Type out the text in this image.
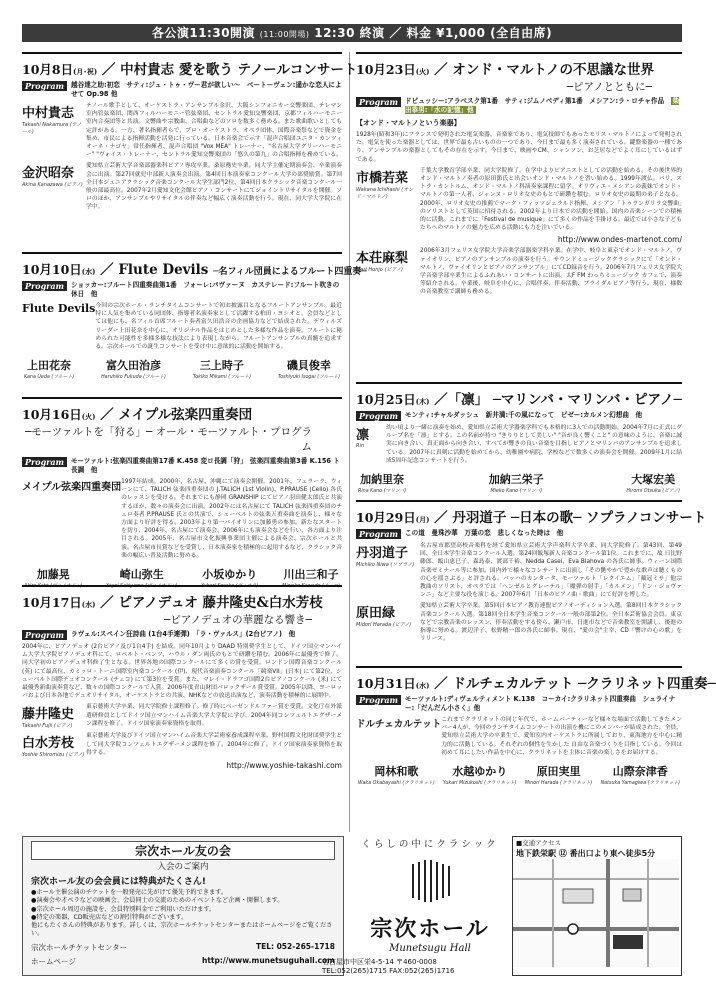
各公演11:30開演 (11:00開場) 12:30 終演 ／ 料金 ¥1,000 (全自由席)
10月8日(月･祝) ／ 中村貴志 愛を歌う テノールコンサート
Program	越谷達之助:初恋　サティ:ジュ・トゥ・ヴー君が欲しい〜　ベートーヴェン:遥かな恋人によせて Op.98 他
中村貴志
Takashi Nakamura (テノール)
テノール歌手として、オーケストラ・アンサンブル金沢、大阪シンフォニカー交響楽団、テレマン室内管弦楽団、関西フィルハーモニー管弦楽団、セントラル愛知交響楽団、京都フィルハーモニー室内合奏団等と共演。文響曲や宗教曲、合唱曲などのソロを数多く務める。また歌曲歌いとしても定評がある。一方、著名指揮者らで、プロ・オーケストラ、オペラ団体、国際音楽祭などで資金を集め、市民による指揮活動を活発に行っている。日本音楽会で示す「混声合唱団ユニタ・カンツィオーネ・ナゴヤ」常任指揮者、混声合唱団 "Vox MEA" トレーナー、"名古屋大学グリーハーモニー" "ヴォイス・トレーナー、セントラル愛知交響楽団の「悠久の第九」の合唱指揮を務めている。
金沢昭奈
Akina Kanazawa (ピアノ)
愛知県立芸術大学音楽部器楽科ピアノ専攻卒業。桑原務史卒業。同大学主催定期演奏会、卒業演奏会に出演。第27回就児中部新人演奏会出演。第4回日本演奏家コンクール大学の部奨励賞。第7回全日本ジュニアクラシック音楽コンクール大学生部門2位、第4回日本クラシック音楽コンクール一般の部最高位。2007年2月愛知文化会館ピアノ・コンサートにてジョイントリサイタルを開催。ソロのほか、アンサンブルやリサイタルの伴奏など幅広く演奏活動を行う。現在、同大学大学院に在学中。
10月10日(水) ／ Flute Devils ─名フィル団員によるフルート四重奏─
Program	ショッカー:フルート四重奏曲第1番　フォーレ:パヴァーヌ　カステレード:フルート吹きの休日　他
Flute Devils 今回の宗次ホール・ランチタイムコンサートで初お披露目となるフルートアンサンブル。最近特に人気を集めている同団体、指導者名演奏家として活躍する柏田・ヨシオと、会員などとしては他にも、名フィル首席フルート奏者富久田浩音の企画協力などで結成された。デヴィルズリーダー上田花奈を中心に、オリジナル作品をはじめとした多様な作品を演奏。フルートに秘められた可能性を多様多様な技法により表現しながら、フルートアンサンブルの真髄を追求する。宗次ホールでの誕生コンサートを受け中に意欲的に活動を開始する。
上田花奈
Kana Ueda (フルート)
富久田治彦
Haruhiko Fukuda (フルート)
三上時子
Tokiko Mikami (フルート)
磯貝俊幸
Toshiyuki Isogai (フルート)
10月16日(火) ／ メイプル弦楽四重奏団
─モーツァルトを「狩る」─ オール・モーツァルト・プログラム
Program	モーツァルト:弦楽四重奏曲第17番 K.458 変ロ長調「狩」　弦楽四重奏曲第3番 K.156 ト長調　他
メイプル弦楽四重奏団 1997年結成。2000年、名古屋、沖縄にて演奏会開催。2001年、フェラーラ、ウィーンにて、TALICH 弦楽四重奏団の J.TALICH (1st Violin)、P.PRAUSE (Cello) 各氏のレッスンを受ける。それまでにも静岡 GRANSHIP にてピアノ羽田健太郎氏と共演するほか、数々の演奏会に出演。2002年には名古屋にて TALICH 弦楽四重奏団のチェロ奏者 P.PRAUSE 氏との共演で、シューベルトの弦楽五重奏曲を演奏し、様々な方面より好評を得る。2003年より第一バイオリンに加藤勇の参加。新たなスタートを切り、2004年、名古屋にて演奏会、2006年にも演奏会などを行い、各方面より注目される。2005年、名古屋市文化振興事業団主催による演奏会、宗次ホールと共演。名古屋市長賞などを受賞し、日本演奏家を積極的に起用するなど、クラシック音楽の幅広い普及活動に努める。
加藤晃
Akira Kato (ヴァイオリン)
崎山弥生
Yayoi Sakiyama (ヴァイオリン)
小坂ゆかり
Yukari Kosaka (ヴィオラ)
川出三和子
Miwako Kawade (チェロ)
10月17日(水) ／ ピアノデュオ 藤井隆史&白水芳枝
─ピアノデュオの華麗なる響き─
Program	ラヴェル:スペイン狂詩曲 (1台4手連弾)　「ラ・ヴァルス」(2台ピアノ)　他
2004年に、ピアノデュオ (2台ピアノ及び1台4手) を結成。同年10月より DAAD 特別奨学生として、ドイツ国立マンハイム大学大学院ピアノデュオ科にて、ロベルト・ベンツ、ハウル・ダン両氏のもとで研鑽を積む。2006年に最優秀で修了。同大学初のピアノデュオ科修了生となる。世界各地の国際コンクールにて多くの賞を受賞。ロンドン国際音楽コンクール (英) にて最高位、カミッロ・トーニ国際室内楽コンクール (伊)、現代音楽演奏コンクール「競楽VII」(日本) にて第2位、シューベルト国際デュオコンクール (チェコ) にて第3位を受賞。また、マレイ・ドラフゴ国際2台ピアノコンクール (米) にて最優秀新曲演奏賞など、数々の国際コンクールで入賞。2006年度青山財団バロックザール賞受賞。2005年以降、ヨーロッパおよび日本各地でデュオリサイタル、オーケストラとの共演、NHKなどの放送出演など、演奏活動を積極的に展開中。
藤井隆史
Takashi Fujii (ピアノ)
東京藝術大学卒業、同大学院修士課程修了。修了時にベーゼンドルファー賞を受賞。文化庁在外派遣研修員としてドイツ国立マンハイム音楽大学大学院に学び、2004年同コンツェルトエグザーメン課程を修了。ドイツ国家演奏家資格を取得。
白水芳枝
Yoshie Shiromizu (ピアノ)
東京藝術大学及びドイツ国立マンハイム音楽大学芸術家養成課程卒業。野村国際文化財団奨学生として同大学院コンツェルトエグザーメン課程を修了。2004年に修了。ドイツ国家演奏家資格を取得する。
http://www.yoshie-takashi.com
10月23日(火) ／ オンド・マルトノの不思議な世界
─ピアノとともに─
Program	ドビュッシー:アラベスク第1番　サティ:ジムノペディ第1番　メシアン:ラ・ロチャ作品　柴田恭男:「水の記憶」他
【オンド・マルトノという楽器】
1928年(昭和3年)にフランスで発明された電気楽器。音楽家であり、電気技師でもあったモリス・マルトノによって発明された。電気を使った楽器としては、世界で最も古いものの一つであり、今日まで最も多く演奏されている。鍵盤楽器の一種であり、アンサンブルの楽器としてもその存在を示す。今日まで、映画やCM、シャンソン、お芝居などでよく耳にしているはずである。
市橋若菜
Wakana Ichihashi (オンド・マルトノ)
千葉大学教育学部卒業、同大学院修了。在学中よりピアニストとしての活動を始める。その後世界的オンド・マルトノ奏者の原田節氏と出会いオンド・マルトノを習い始める。1999年渡仏。パリ、ストラ・カントルム、オンド・マルトノ科演奏家課程に留学。オリヴィエ・メシアンの義妹でオンド・マルトノの第一人者、ジャンヌ・ロリオ女史のもとで研鑽を積む。ロリオ女史の最期の弟子となる。2000年、ロリオ女史の推薦でマーク・フィッツジェラルド指揮、メシアン「トゥランガリラ交響曲」のソリストとして英国に招待される。2002年より日本での活動を開始。国内の音楽シーンでの積極的に活動。これまでに「Festival de musique」にて多くの作品を手掛ける。最近では小さな子どもたちへのマルトノの魅力を広める活動にも力を注いでいる。
http://www.ondes-martenot.com/
本荘麻梨
Mari Honjo (ピアノ)
2006年3月フェリス女学院大学音楽学部器楽学科卒業。在学中、岐阜と東京でオンド・マルトノ、ヴァイオリン、ピアノのアンサンブルの演奏を行う。サウンドミュージッククラシックにて「オンド・マルトノ、ヴァイオリンとピアノのアンサンブル」にてCD録音を行う。2006年7月フェリス女学院大学音楽学部卒業生によるふれあい・コンサートに出演。太F FM わっちミュージック カフェで、演奏等紹介される。卒業後、岐阜を中心に、合唱伴奏、伴奏活動、ブライダルピアノ等行う。現在、様数の音楽教室で講師も務める。
10月25日(木) ／「凛」 ─マリンバ・マリンバ・ピアノ─
Program	モンティ:チャルダッシュ　新井満:千の風になって　ピゼー:カルメン幻想曲　他
凛
Rin
幼い頃より一緒に演奏を始め、愛知県立芸術大学器楽学科でも本格的に3人での活動開始。2004年7月に正式にグループ名を「凛」とする。この名前が持つ "きりりとして美しい" "音が良く響くこと" の意味のように、音楽に誠実に向き合い、真正面から向き合い、すべてが響きの良い音楽を目指しピアノとマリンバのアンサンブルを追求している。2007年に真剣に活動を始めてから、幼稚園や病院、学校などで数多くの演奏会を開催。2009年1月に結成5周年記念コンサートを行う。
加納里奈
Rina Kano (マリンバ)
加納三栄子
Mieko Kano (マリンバ)
大塚宏美
Hiromi Otsuka (ピアノ)
10月29日(月) ／ 丹羽道子 ─日本の歌─ ソプラノコンサート
Program	この道　曼珠沙華　万葉の恋　悲しくなった時は　他
丹羽道子
Michiko Niwa (ソプラノ)
名古屋市郡望高校音楽科を経て愛知県立芸術大学声楽科大学卒業、同大学院修了。第43回、第49回、全日本学生音楽コンクール入選。第24回飯塚新人音楽コンクール第1位。これまでに、故 日比野藤郎、飯山恵巳子、森島泰、渡部千裕、Nedda Casei、Eva Blahova の各氏に師事。ウィーン国際音楽ゼミナール等に参加。国内外で様々なコンサートに出演し「その艶やかで豊かな歌声は聴くものの心を揺さぶる」と評される。バッハのカンタータ、モーツァルト「レクイエム」「戴冠ミサ」他宗教曲のソリスト、オペラでは「ヘンゼルとグレーテル」「魔弾の射手」「カルメン」「ドン・ジョヴァンニ」など主要な役を演じる。2007年6月「日本のピアノ曲・歌曲」にて好評を博した。
原田緑
Midori Harada (ピアノ)
愛知県立芸術大学卒業。第5回日本ピアノ教育連盟ピアノオーディション入選。第8回日本クラシック音楽コンクール入選。第18回全日本学生音楽コンクール一般の部第2位。全日本芸術協会会員。東京などで宗教音楽のレッスン、伴奏活動をする傍ら、瀬戸市、日進市などで音楽教室を開講し、後進の指導に努める。渡辺洋子、松野精一郎の各氏に師事。現在、"愛の会"主宰、CD「響けの心の歌」をリリース。
10月31日(水) ／ ドルチェカルテット ─クラリネット四重奏─
Program	モーツァルト:ディヴェルティメント K.138　コーカイ:クラリネット四重奏曲　シュライナー:「だんだん小さく」他
ドルチェカルテット これまでクラリネットの同じ年代で、ホームパーティーなど様々な場面で活動してきたメンバー4人が、今回のランチタイムコンサートの出演を機にこのメンバーが結成された。全員、愛知県立芸術大学の卒業生で、愛知室内オーケストラに所属しており、東海地方を中心に精力的に活動している。それぞれの個性を生かした 自由な音楽づくりを目指している。今回は初めて耳にしたい作品を中心に、クラリネットを主体に音楽の楽しさをお届けする。
岡林和歌
Waka Okabayashi (クラリネット)
水越ゆかり
Yukari Mizukoshi (クラリネット)
原田実里
Minori Harada (クラリネット)
山際奈津香
Natsuka Yamagiwa (クラリネット)
宗次ホール友の会
入会のご案内
宗次ホール友の会会員には特典がたくさん!
●ホール主催公演のチケットを一般発売に先がけて優先予約できます。
●演奏会や才ペラなどの映画会、会員同士の交流のためのイベントなど企画・開催します。
●宗次ホール周辺の施設を、会員特別料金でご利用いただけます。
●特定の楽器、CD販売店などの割引特典がございます。
他にもたくさんの特典があります。詳しくは、宗次ホールチケットセンターまたはホームページをご覧ください。
宗次ホールチケットセンター	TEL: 052-265-1718
ホームページ	http://www.munetsuguhall.com
くらしの中にクラシック
宗次ホール
Munetsugu Hall
名古屋市中区栄4-5-14 〒460-0008
TEL:052(265)1715 FAX:052(265)1716
■交通アクセス
地下鉄栄駅 ⑫ 番出口より東へ徒歩5分
